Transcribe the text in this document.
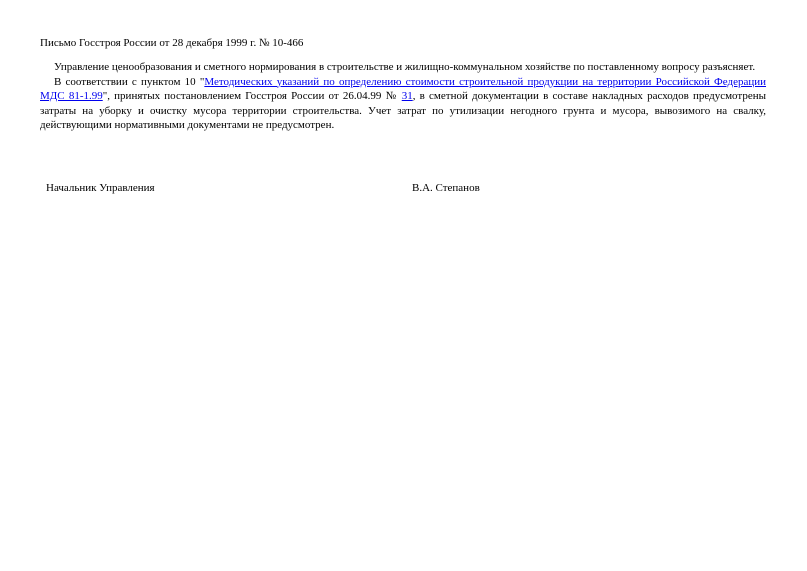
Письмо Госстроя России от 28 декабря 1999 г. № 10-466

Управление ценообразования и сметного нормирования в строительстве и жилищно-коммунальном хозяйстве по поставленному вопросу разъясняет.

В соответствии с пунктом 10 "Методических указаний по определению стоимости строительной продукции на территории Российской Федерации МДС 81-1.99", принятых постановлением Госстроя России от 26.04.99 № 31, в сметной документации в составе накладных расходов предусмотрены затраты на уборку и очистку мусора территории строительства. Учет затрат по утилизации негодного грунта и мусора, вывозимого на свалку, действующими нормативными документами не предусмотрен.

Начальник Управления	В.А. Степанов
